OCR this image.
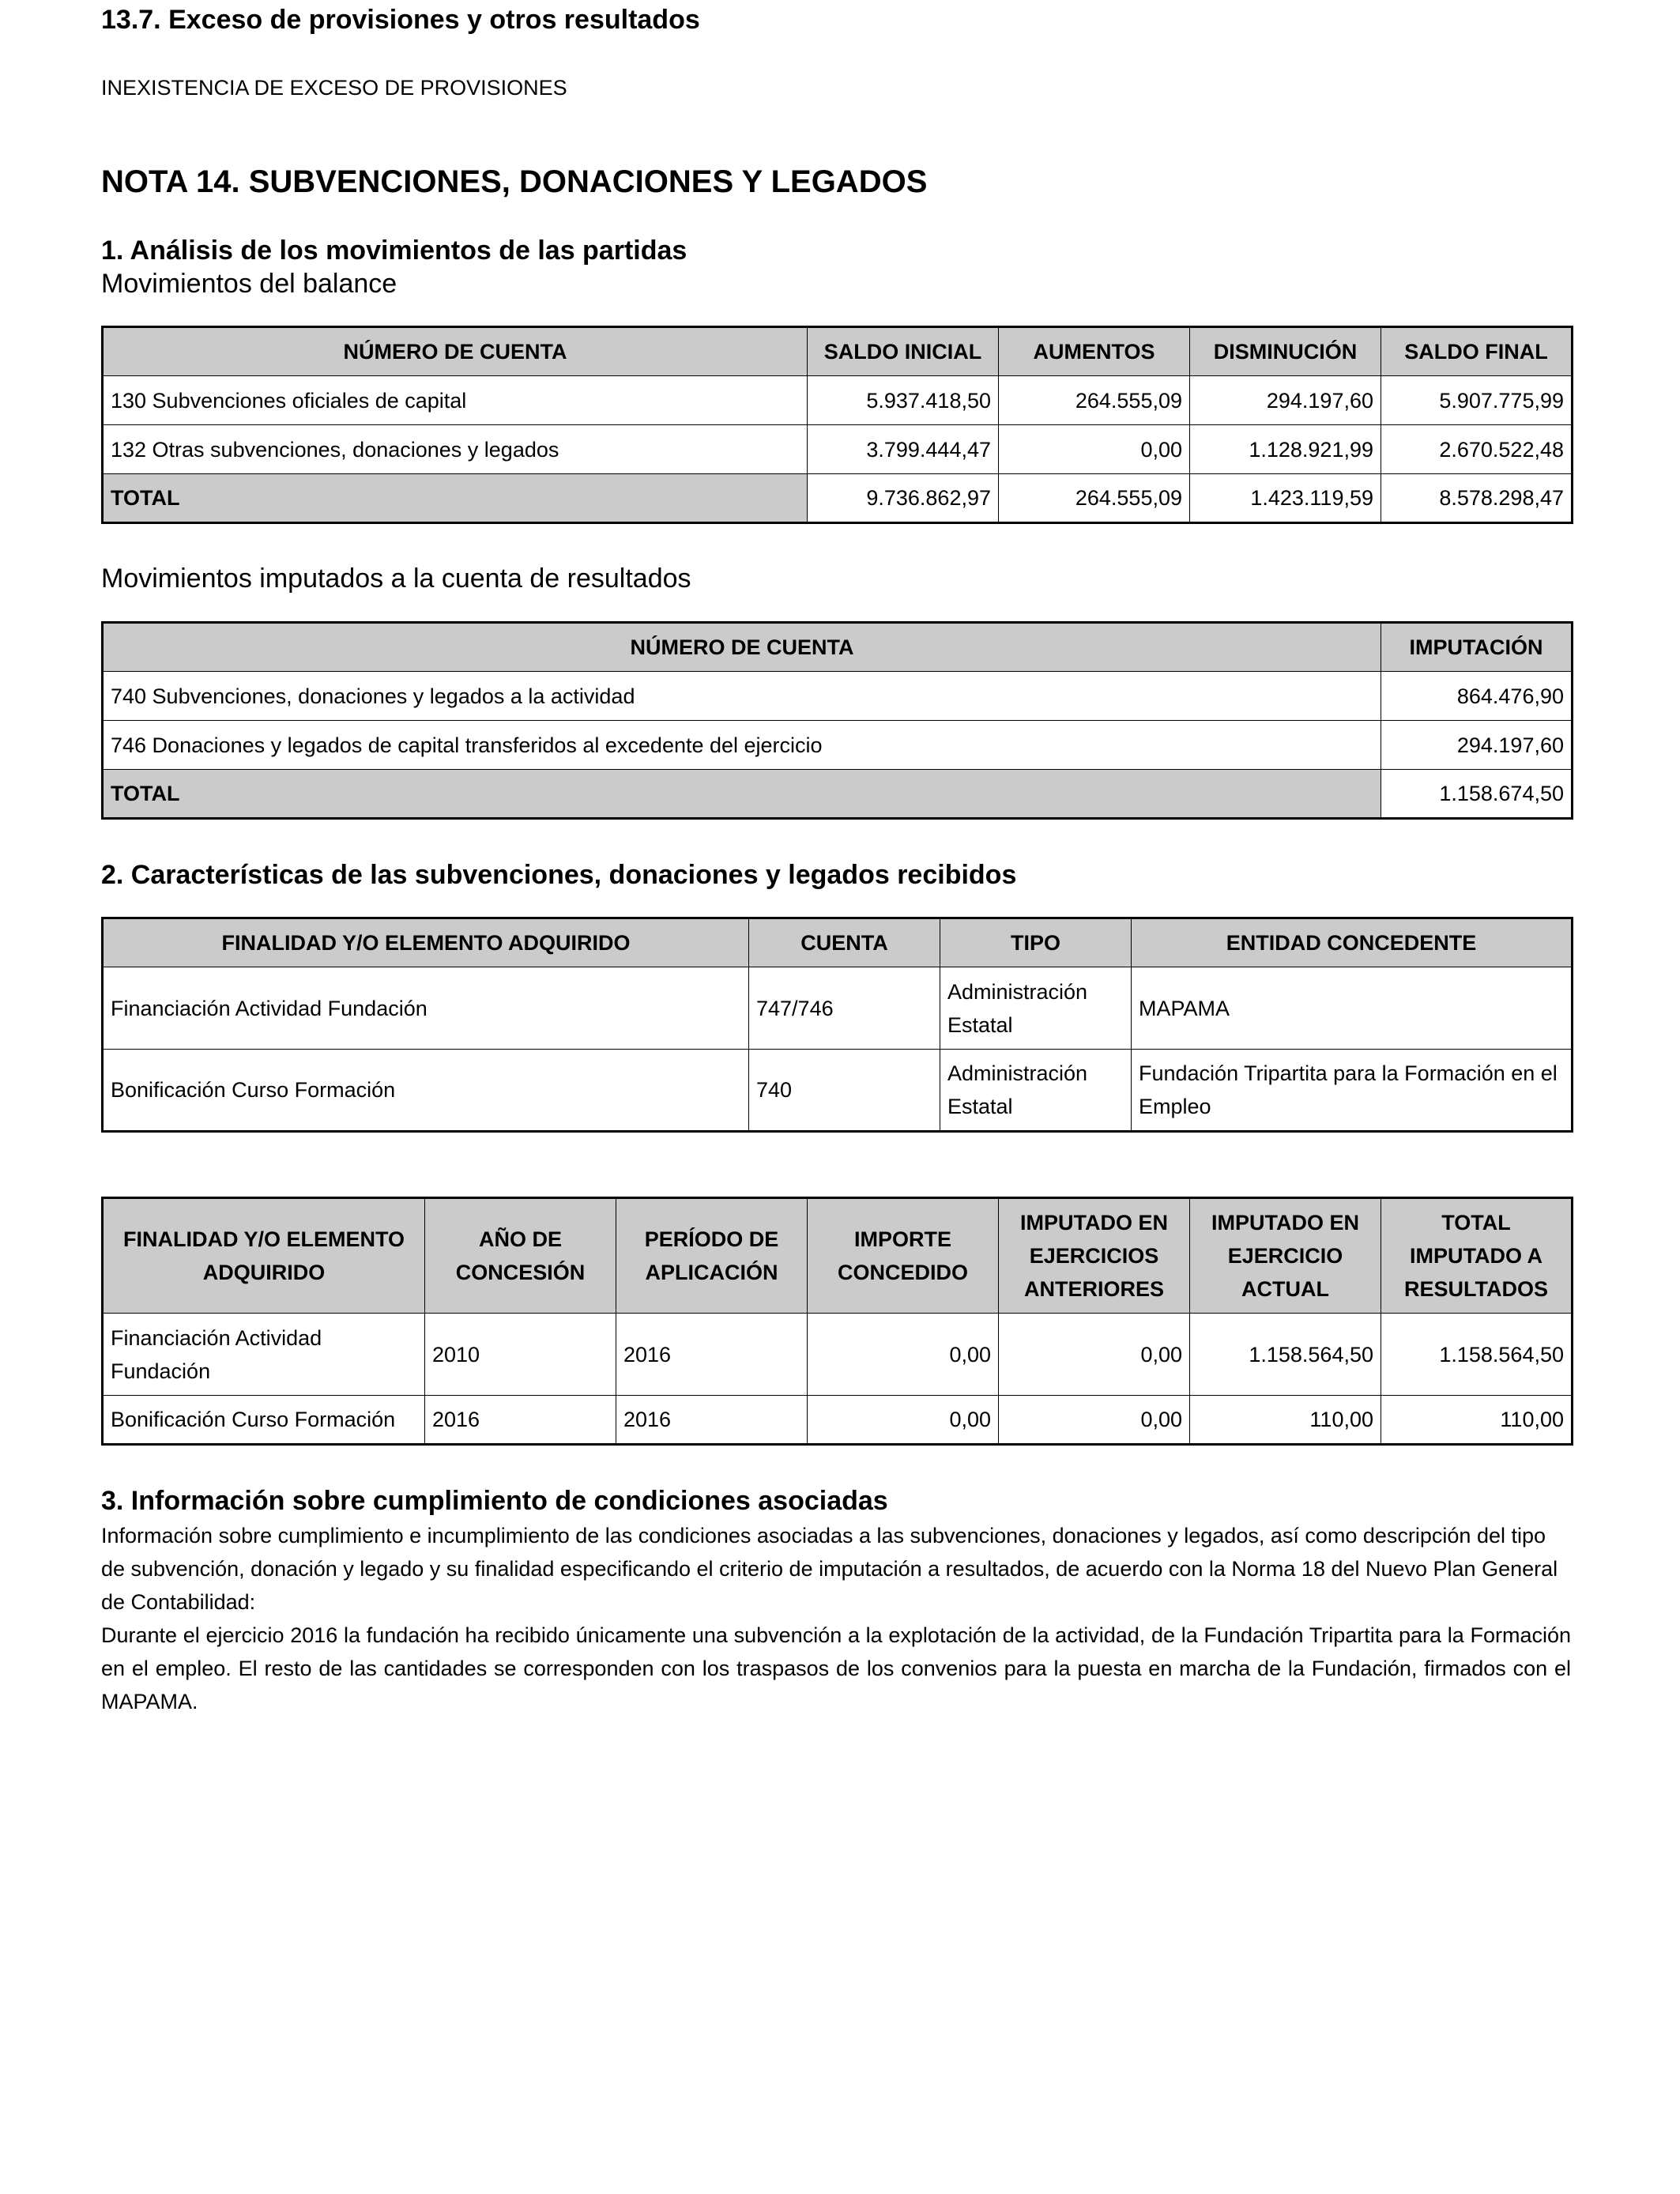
13.7. Exceso de provisiones y otros resultados
INEXISTENCIA DE EXCESO DE PROVISIONES
NOTA 14. SUBVENCIONES, DONACIONES Y LEGADOS
1. Análisis de los movimientos de las partidas
Movimientos del balance
NÚMERO DE CUENTA	SALDO INICIAL	AUMENTOS	DISMINUCIÓN	SALDO FINAL
130 Subvenciones oficiales de capital	5.937.418,50	264.555,09	294.197,60	5.907.775,99
132 Otras subvenciones, donaciones y legados	3.799.444,47	0,00	1.128.921,99	2.670.522,48
TOTAL	9.736.862,97	264.555,09	1.423.119,59	8.578.298,47
Movimientos imputados a la cuenta de resultados
NÚMERO DE CUENTA	IMPUTACIÓN
740 Subvenciones, donaciones y legados a la actividad	864.476,90
746 Donaciones y legados de capital transferidos al excedente del ejercicio	294.197,60
TOTAL	1.158.674,50
2. Características de las subvenciones, donaciones y legados recibidos
FINALIDAD Y/O ELEMENTO ADQUIRIDO	CUENTA	TIPO	ENTIDAD CONCEDENTE
Financiación Actividad Fundación	747/746	Administración Estatal	MAPAMA
Bonificación Curso Formación	740	Administración Estatal	Fundación Tripartita para la Formación en el Empleo
FINALIDAD Y/O ELEMENTO ADQUIRIDO	AÑO DE CONCESIÓN	PERÍODO DE APLICACIÓN	IMPORTE CONCEDIDO	IMPUTADO EN EJERCICIOS ANTERIORES	IMPUTADO EN EJERCICIO ACTUAL	TOTAL IMPUTADO A RESULTADOS
Financiación Actividad Fundación	2010	2016	0,00	0,00	1.158.564,50	1.158.564,50
Bonificación Curso Formación	2016	2016	0,00	0,00	110,00	110,00
3. Información sobre cumplimiento de condiciones asociadas

Información sobre cumplimiento e incumplimiento de las condiciones asociadas a las subvenciones, donaciones y legados, así como descripción del tipo de subvención, donación y legado y su finalidad especificando el criterio de imputación a resultados, de acuerdo con la Norma 18 del Nuevo Plan General de Contabilidad:

Durante el ejercicio 2016 la fundación ha recibido únicamente una subvención a la explotación de la actividad, de la Fundación Tripartita para la Formación en el empleo. El resto de las cantidades se corresponden con los traspasos de los convenios para la puesta en marcha de la Fundación, firmados con el MAPAMA.
